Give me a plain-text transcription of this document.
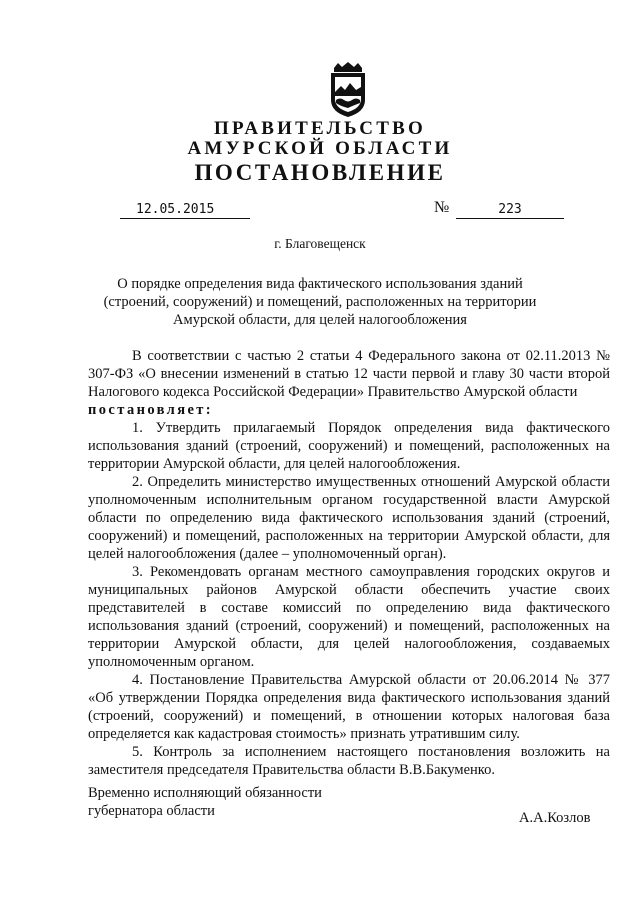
ПРАВИТЕЛЬСТВО
АМУРСКОЙ ОБЛАСТИ
ПОСТАНОВЛЕНИЕ
12.05.2015	№	223
г. Благовещенск
О порядке определения вида фактического использования зданий (строений, сооружений) и помещений, расположенных на территории Амурской области, для целей налогообложения

В соответствии с частью 2 статьи 4 Федерального закона от 02.11.2013 № 307-ФЗ «О внесении изменений в статью 12 части первой и главу 30 части второй Налогового кодекса Российской Федерации» Правительство Амурской области

постановляет:

1. Утвердить прилагаемый Порядок определения вида фактического использования зданий (строений, сооружений) и помещений, расположенных на территории Амурской области, для целей налогообложения.

2. Определить министерство имущественных отношений Амурской области уполномоченным исполнительным органом государственной власти Амурской области по определению вида фактического использования зданий (строений, сооружений) и помещений, расположенных на территории Амурской области, для целей налогообложения (далее – уполномоченный орган).

3. Рекомендовать органам местного самоуправления городских округов и муниципальных районов Амурской области обеспечить участие своих представителей в составе комиссий по определению вида фактического использования зданий (строений, сооружений) и помещений, расположенных на территории Амурской области, для целей налогообложения, создаваемых уполномоченным органом.

4. Постановление Правительства Амурской области от 20.06.2014 № 377 «Об утверждении Порядка определения вида фактического использования зданий (строений, сооружений) и помещений, в отношении которых налоговая база определяется как кадастровая стоимость» признать утратившим силу.

5. Контроль за исполнением настоящего постановления возложить на заместителя председателя Правительства области В.В.Бакуменко.

Временно исполняющий обязанности
губернатора области	А.А.Козлов
